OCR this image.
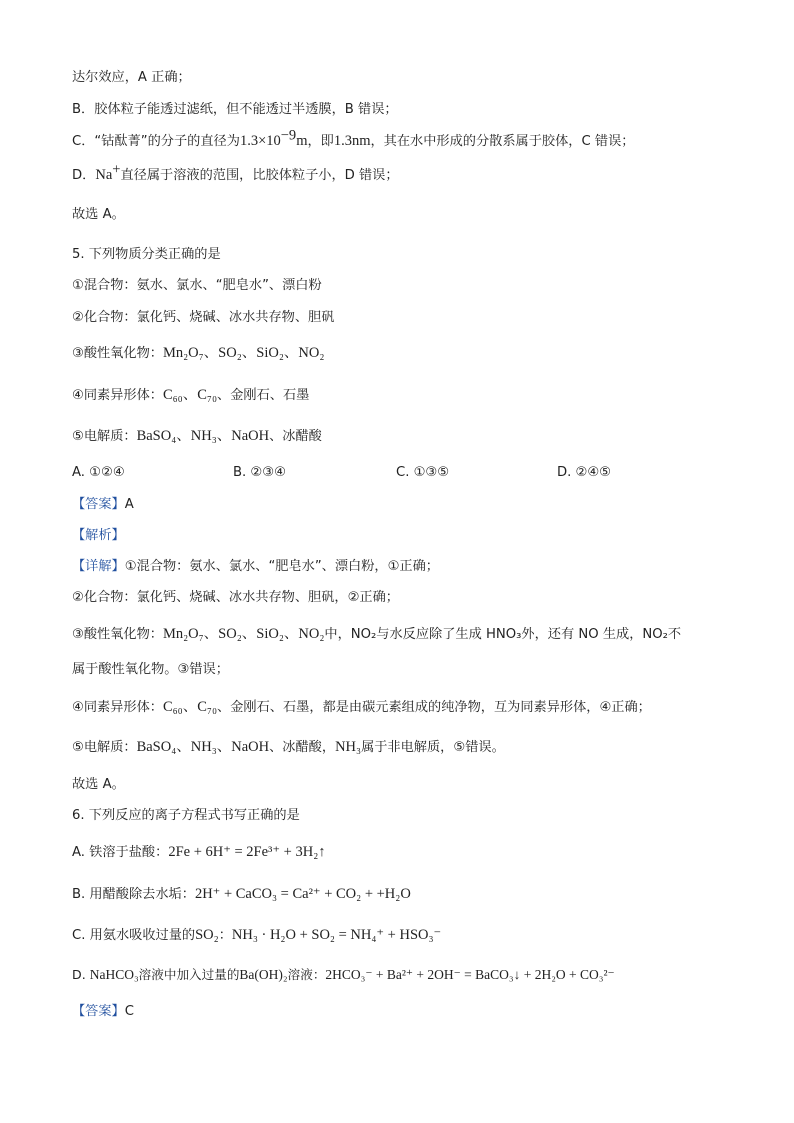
达尔效应，A 正确；
B．胶体粒子能透过滤纸，但不能透过半透膜，B 错误；
C．“钴酞菁”的分子的直径为$1.3\times 10^{-9}m$，即1.3nm，其在水中形成的分散系属于胶体，C 错误；
D．Na+直径属于溶液的范围，比胶体粒子小，D 错误；
故选 A。
5. 下列物质分类正确的是
①混合物：氨水、氯水、“肥皂水”、漂白粉
②化合物：氯化钙、烧碱、冰水共存物、胆矾
③酸性氧化物：Mn₂O₇、SO₂、SiO₂、NO₂
④同素异形体：C₆₀、C₇₀、金刚石、石墨
⑤电解质：BaSO₄、NH₃、NaOH、冰醋酸
A. ①②④	B. ②③④	C. ①③⑤	D. ②④⑤
【答案】A
【解析】
【详解】①混合物：氨水、氯水、“肥皂水”、漂白粉，①正确；
②化合物：氯化钙、烧碱、冰水共存物、胆矾，②正确；
③酸性氧化物：Mn₂O₇、SO₂、SiO₂、NO₂中，NO₂与水反应除了生成 HNO₃外，还有 NO 生成，NO₂不
属于酸性氧化物。③错误；
④同素异形体：C₆₀、C₇₀、金刚石、石墨，都是由碳元素组成的纯净物，互为同素异形体，④正确；
⑤电解质：BaSO₄、NH₃、NaOH、冰醋酸，NH₃属于非电解质，⑤错误。
故选 A。
6. 下列反应的离子方程式书写正确的是
A. 铁溶于盐酸：2Fe + 6H⁺ = 2Fe³⁺ + 3H₂↑
B. 用醋酸除去水垢：2H⁺ + CaCO₃ = Ca²⁺ + CO₂ + +H₂O
C. 用氨水吸收过量的SO₂：NH₃ · H₂O + SO₂ = NH₄⁺ + HSO₃⁻
D. NaHCO₃溶液中加入过量的Ba(OH)₂溶液：2HCO₃⁻ + Ba²⁺ + 2OH⁻ = BaCO₃↓ + 2H₂O + CO₃²⁻
【答案】C
